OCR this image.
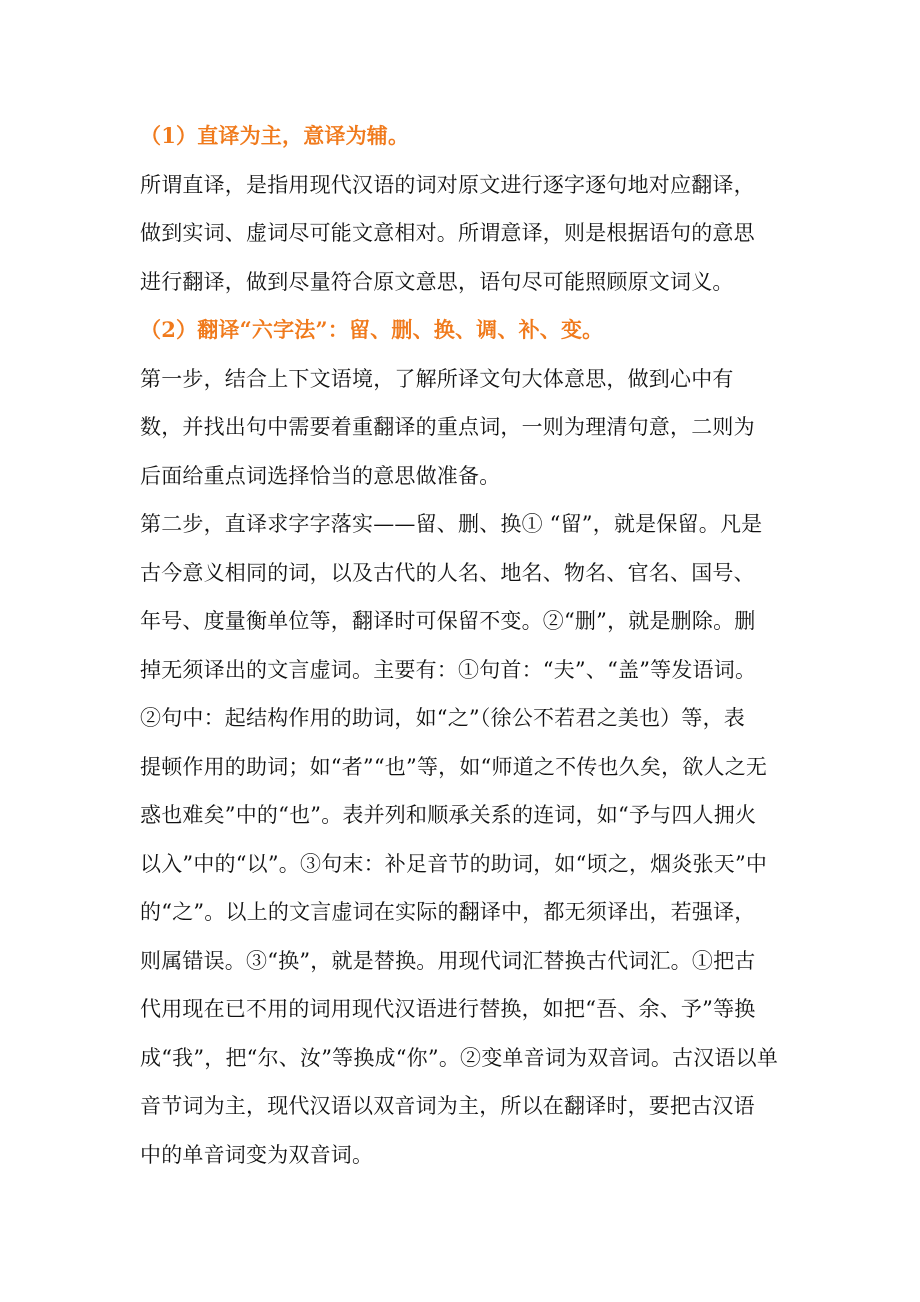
（1）直译为主，意译为辅。
所谓直译，是指用现代汉语的词对原文进行逐字逐句地对应翻译，
做到实词、虚词尽可能文意相对。所谓意译，则是根据语句的意思
进行翻译，做到尽量符合原文意思，语句尽可能照顾原文词义。
（2）翻译“六字法”：留、删、换、调、补、变。
第一步，结合上下文语境，了解所译文句大体意思，做到心中有
数，并找出句中需要着重翻译的重点词，一则为理清句意，二则为
后面给重点词选择恰当的意思做准备。
第二步，直译求字字落实——留、删、换① “留”，就是保留。凡是
古今意义相同的词，以及古代的人名、地名、物名、官名、国号、
年号、度量衡单位等，翻译时可保留不变。②“删”，就是删除。删
掉无须译出的文言虚词。主要有：①句首：“夫”、“盖”等发语词。
②句中：起结构作用的助词，如“之”（徐公不若君之美也）等，表
提顿作用的助词；如“者”“也”等，如“师道之不传也久矣，欲人之无
惑也难矣”中的“也”。表并列和顺承关系的连词，如“予与四人拥火
以入”中的“以”。③句末：补足音节的助词，如“顷之，烟炎张天”中
的“之”。以上的文言虚词在实际的翻译中，都无须译出，若强译，
则属错误。③“换”，就是替换。用现代词汇替换古代词汇。①把古
代用现在已不用的词用现代汉语进行替换，如把“吾、余、予”等换
成“我”，把“尔、汝”等换成“你”。②变单音词为双音词。古汉语以单
音节词为主，现代汉语以双音词为主，所以在翻译时，要把古汉语
中的单音词变为双音词。
